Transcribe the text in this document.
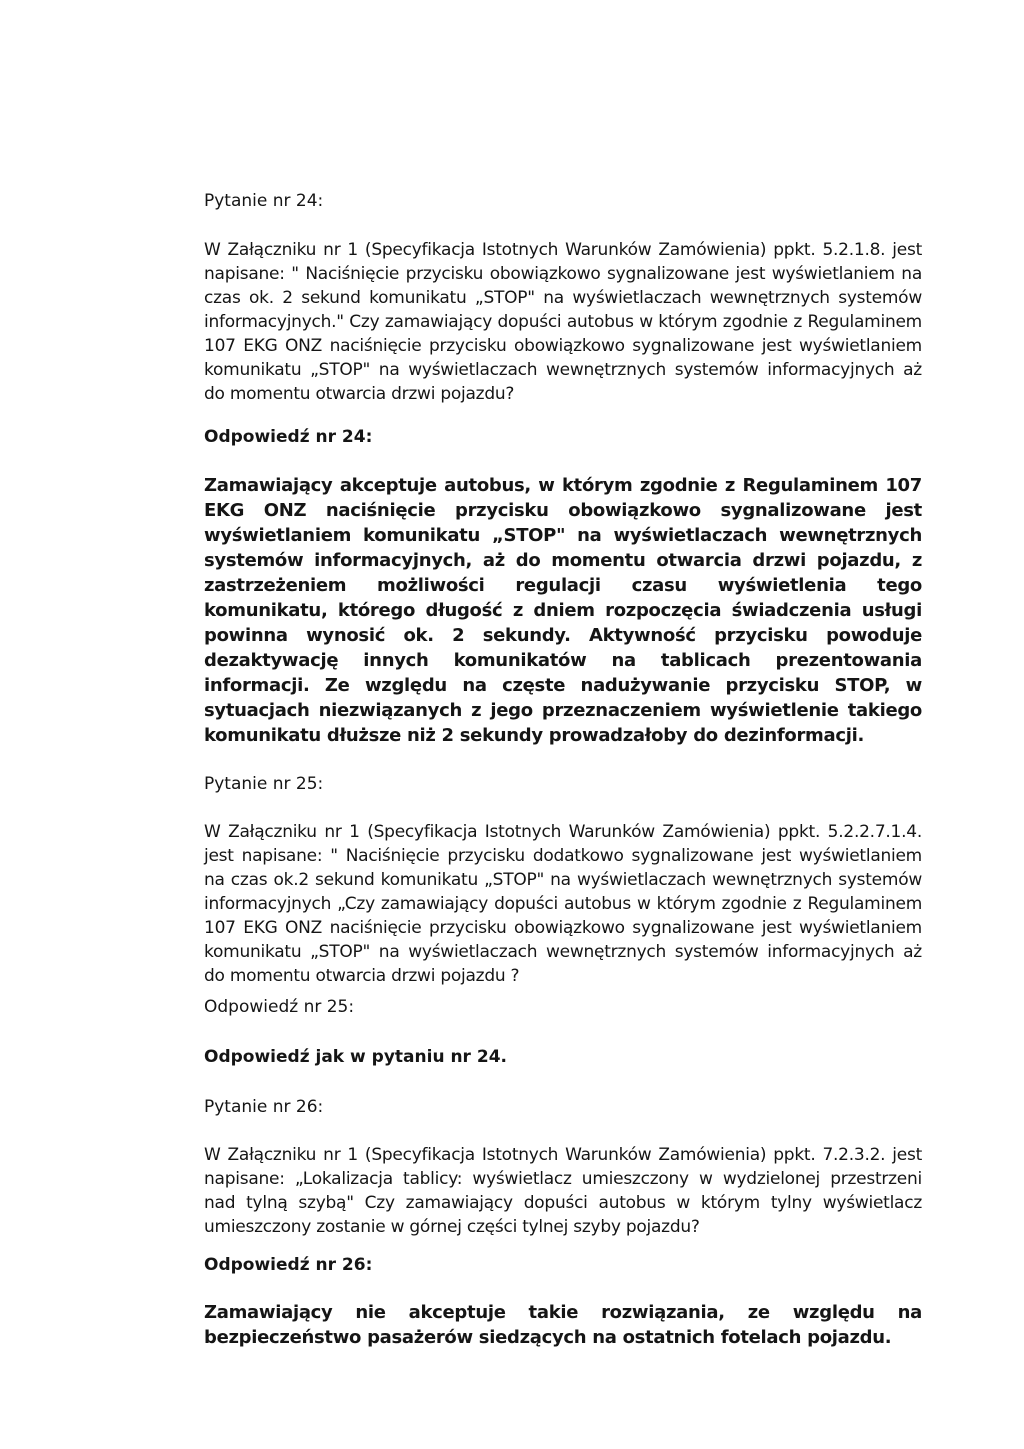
Pytanie nr 24:

W Załączniku nr 1 (Specyfikacja Istotnych Warunków Zamówienia) ppkt. 5.2.1.8. jest napisane: " Naciśnięcie przycisku obowiązkowo sygnalizowane jest wyświetlaniem na czas ok. 2 sekund komunikatu „STOP" na wyświetlaczach wewnętrznych systemów informacyjnych." Czy zamawiający dopuści autobus w którym zgodnie z Regulaminem 107 EKG ONZ naciśnięcie przycisku obowiązkowo sygnalizowane jest wyświetlaniem komunikatu „STOP" na wyświetlaczach wewnętrznych systemów informacyjnych aż do momentu otwarcia drzwi pojazdu?

Odpowiedź nr 24:

Zamawiający akceptuje autobus, w którym zgodnie z Regulaminem 107 EKG ONZ naciśnięcie przycisku obowiązkowo sygnalizowane jest wyświetlaniem komunikatu „STOP" na wyświetlaczach wewnętrznych systemów informacyjnych, aż do momentu otwarcia drzwi pojazdu, z zastrzeżeniem możliwości regulacji czasu wyświetlenia tego komunikatu, którego długość z dniem rozpoczęcia świadczenia usługi powinna wynosić ok. 2 sekundy. Aktywność przycisku powoduje dezaktywację innych komunikatów na tablicach prezentowania informacji. Ze względu na częste nadużywanie przycisku STOP, w sytuacjach niezwiązanych z jego przeznaczeniem wyświetlenie takiego komunikatu dłuższe niż 2 sekundy prowadzałoby do dezinformacji.

Pytanie nr 25:

W Załączniku nr 1 (Specyfikacja Istotnych Warunków Zamówienia) ppkt. 5.2.2.7.1.4. jest napisane: " Naciśnięcie przycisku dodatkowo sygnalizowane jest wyświetlaniem na czas ok.2 sekund komunikatu „STOP" na wyświetlaczach wewnętrznych systemów informacyjnych „Czy zamawiający dopuści autobus w którym zgodnie z Regulaminem 107 EKG ONZ naciśnięcie przycisku obowiązkowo sygnalizowane jest wyświetlaniem komunikatu „STOP" na wyświetlaczach wewnętrznych systemów informacyjnych aż do momentu otwarcia drzwi pojazdu ?

Odpowiedź nr 25:

Odpowiedź jak w pytaniu nr 24.

Pytanie nr 26:

W Załączniku nr 1 (Specyfikacja Istotnych Warunków Zamówienia) ppkt. 7.2.3.2. jest napisane: „Lokalizacja tablicy: wyświetlacz umieszczony w wydzielonej przestrzeni nad tylną szybą" Czy zamawiający dopuści autobus w którym tylny wyświetlacz umieszczony zostanie w górnej części tylnej szyby pojazdu?

Odpowiedź nr 26:

Zamawiający nie akceptuje takie rozwiązania, ze względu na bezpieczeństwo pasażerów siedzących na ostatnich fotelach pojazdu.
